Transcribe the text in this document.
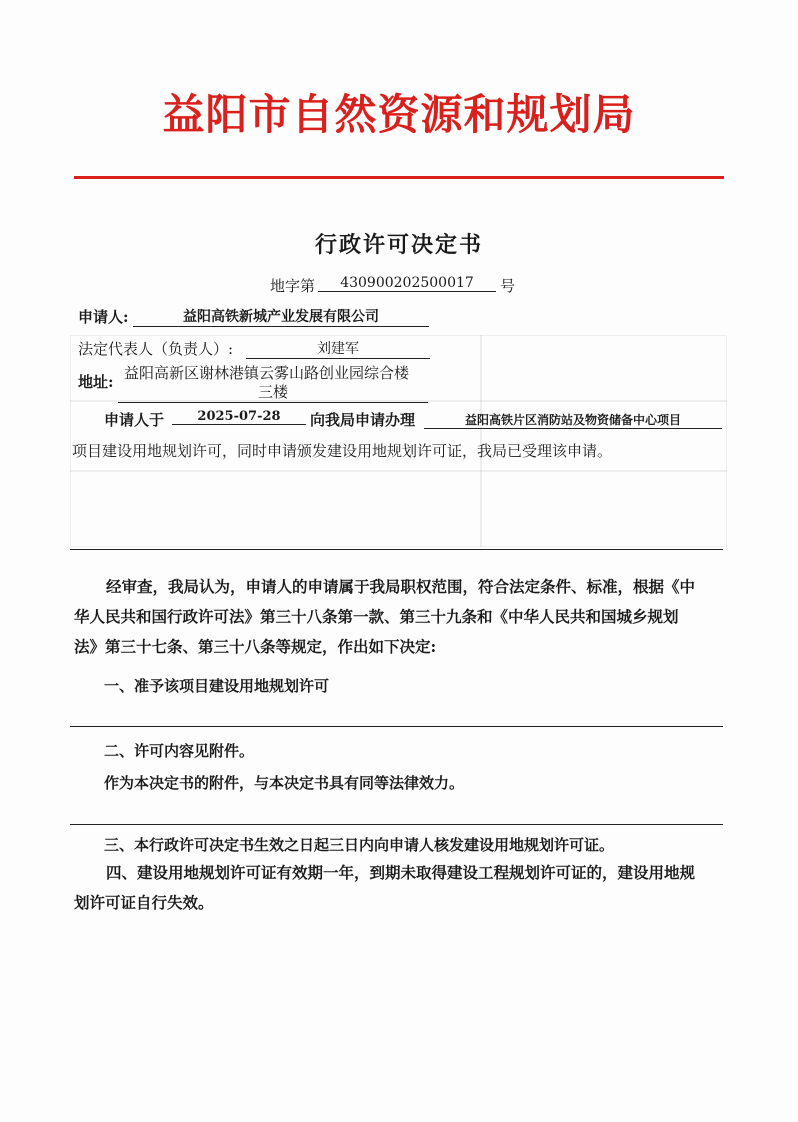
益阳市自然资源和规划局
行政许可决定书
地字第	430900202500017	号
申请人:	益阳高铁新城产业发展有限公司
法定代表人（负责人）:	刘建军
地址: 益阳高新区谢林港镇云雾山路创业园综合楼
三楼
申请人于	2025-07-28	向我局申请办理	益阳高铁片区消防站及物资储备中心项目
项目建设用地规划许可，同时申请颁发建设用地规划许可证，我局已受理该申请。
经审查，我局认为，申请人的申请属于我局职权范围，符合法定条件、标准，根据《中
华人民共和国行政许可法》第三十八条第一款、第三十九条和《中华人民共和国城乡规划
法》第三十七条、第三十八条等规定，作出如下决定:
一、准予该项目建设用地规划许可
二、许可内容见附件。
作为本决定书的附件，与本决定书具有同等法律效力。
三、本行政许可决定书生效之日起三日内向申请人核发建设用地规划许可证。
四、建设用地规划许可证有效期一年，到期未取得建设工程规划许可证的，建设用地规
划许可证自行失效。
